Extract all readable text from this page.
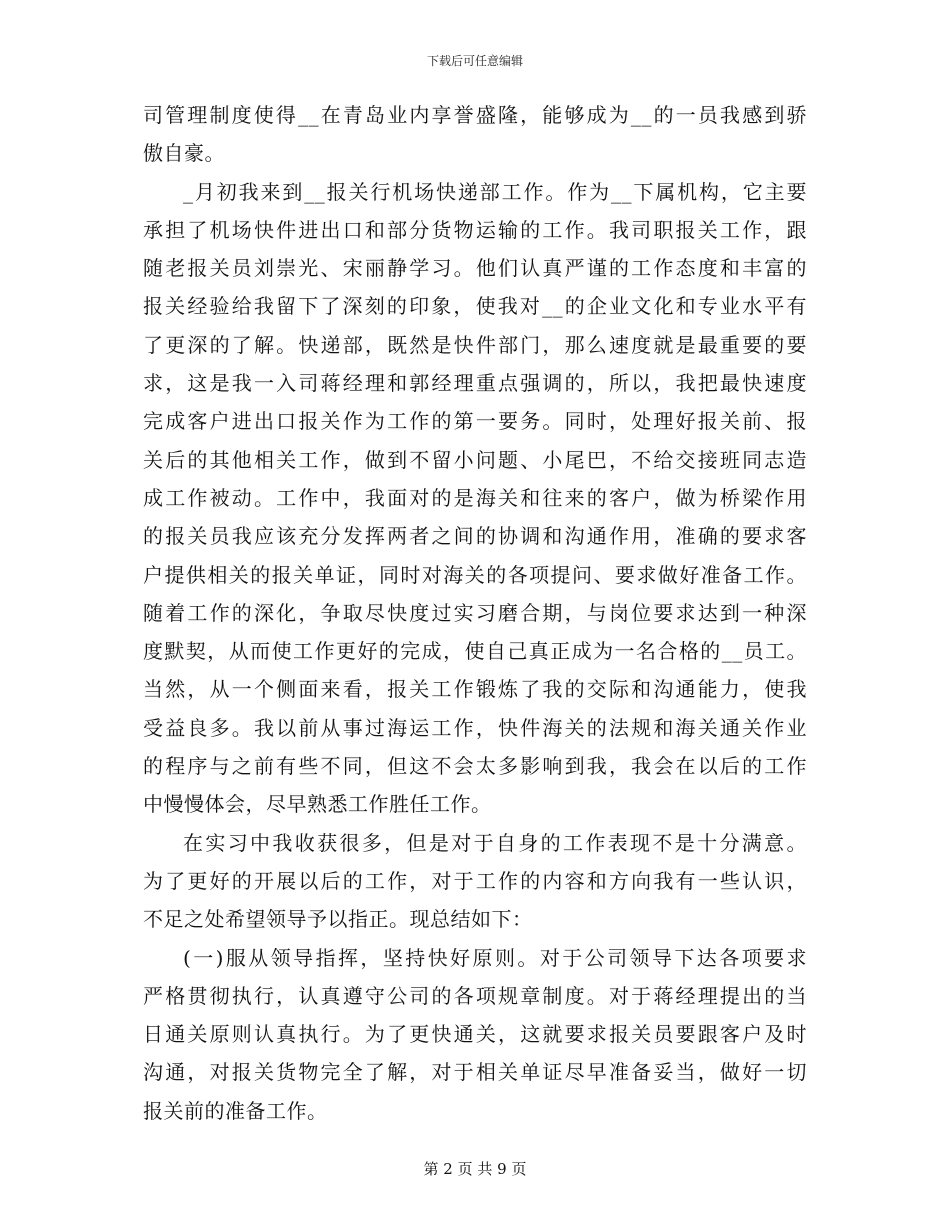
下载后可任意编辑
司管理制度使得__在青岛业内享誉盛隆，能够成为__的一员我感到骄
傲自豪。
_月初我来到__报关行机场快递部工作。作为__下属机构，它主要
承担了机场快件进出口和部分货物运输的工作。我司职报关工作，跟
随老报关员刘崇光、宋丽静学习。他们认真严谨的工作态度和丰富的
报关经验给我留下了深刻的印象，使我对__的企业文化和专业水平有
了更深的了解。快递部，既然是快件部门，那么速度就是最重要的要
求，这是我一入司蒋经理和郭经理重点强调的，所以，我把最快速度
完成客户进出口报关作为工作的第一要务。同时，处理好报关前、报
关后的其他相关工作，做到不留小问题、小尾巴，不给交接班同志造
成工作被动。工作中，我面对的是海关和往来的客户，做为桥梁作用
的报关员我应该充分发挥两者之间的协调和沟通作用，准确的要求客
户提供相关的报关单证，同时对海关的各项提问、要求做好准备工作。
随着工作的深化，争取尽快度过实习磨合期，与岗位要求达到一种深
度默契，从而使工作更好的完成，使自己真正成为一名合格的__员工。
当然，从一个侧面来看，报关工作锻炼了我的交际和沟通能力，使我
受益良多。我以前从事过海运工作，快件海关的法规和海关通关作业
的程序与之前有些不同，但这不会太多影响到我，我会在以后的工作
中慢慢体会，尽早熟悉工作胜任工作。
在实习中我收获很多，但是对于自身的工作表现不是十分满意。
为了更好的开展以后的工作，对于工作的内容和方向我有一些认识，
不足之处希望领导予以指正。现总结如下：
(一)服从领导指挥，坚持快好原则。对于公司领导下达各项要求
严格贯彻执行，认真遵守公司的各项规章制度。对于蒋经理提出的当
日通关原则认真执行。为了更快通关，这就要求报关员要跟客户及时
沟通，对报关货物完全了解，对于相关单证尽早准备妥当，做好一切
报关前的准备工作。
第 2 页 共 9 页
